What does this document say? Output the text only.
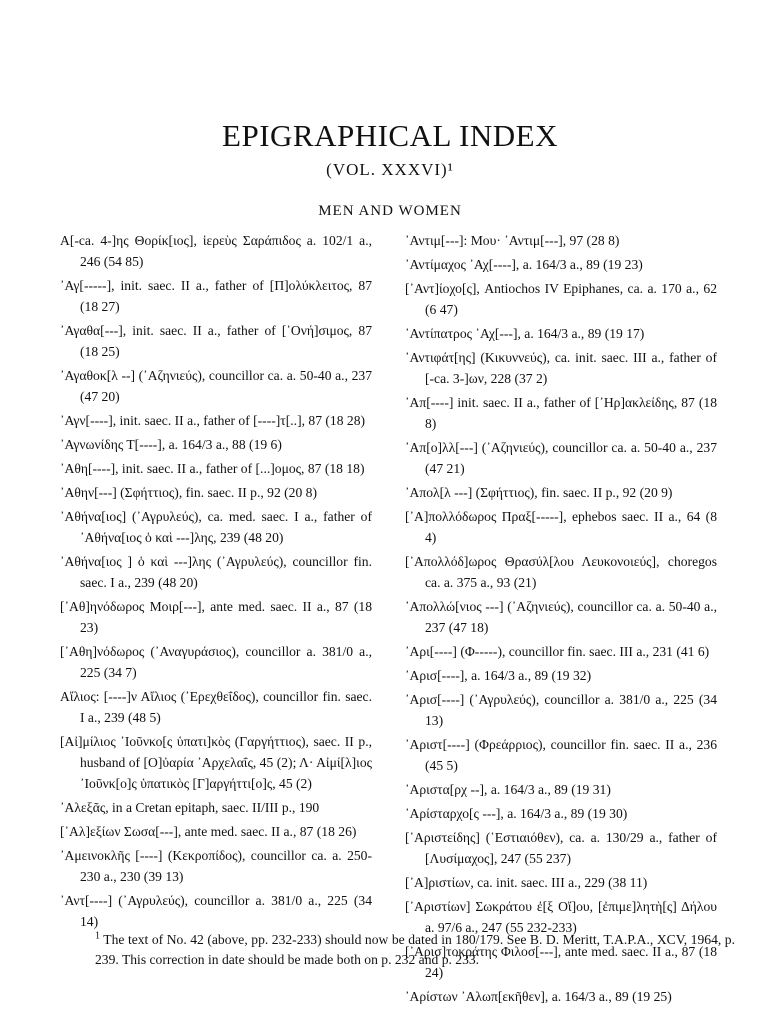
EPIGRAPHICAL INDEX
(VOL. XXXVI)¹
MEN AND WOMEN
Α[-ca. 4-]ης Θορίκ[ιος], ἱερεὺς Σαράπιδος a. 102/1 a., 246 (54 85)
᾿Αγ[-----], init. saec. II a., father of [Π]ολύκλειτος, 87 (18 27)
᾿Αγαθα[---], init. saec. II a., father of [᾿Ονή]σιμος, 87 (18 25)
᾿Αγαθοκ[λ --] (᾿Αζηνιεύς), councillor ca. a. 50-40 a., 237 (47 20)
᾿Αγν[----], init. saec. II a., father of [----]τ[..], 87 (18 28)
᾿Αγνωνίδης Τ[----], a. 164/3 a., 88 (19 6)
᾿Αθη[----], init. saec. II a., father of [...]ομος, 87 (18 18)
᾿Αθην[---] (Σφήττιος), fin. saec. II p., 92 (20 8)
᾿Αθήνα[ιος] (᾿Αγρυλεύς), ca. med. saec. I a., father of ᾿Αθήνα[ιος ὁ καὶ ---]λης, 239 (48 20)
᾿Αθήνα[ιος ] ὁ καὶ ---]λης (᾿Αγρυλεύς), councillor fin. saec. I a., 239 (48 20)
[᾿Αθ]ηνόδωρος Μοιρ[---], ante med. saec. II a., 87 (18 23)
[᾿Αθη]νόδωρος (᾿Αναγυράσιος), councillor a. 381/0 a., 225 (34 7)
Αἴλιος: [----]ν Αἴλιος (᾿Ερεχθεΐδος), councillor fin. saec. I a., 239 (48 5)
[Αἰ]μίλιος ᾿Ιοῦνκο[ς ὑπατι]κὸς (Γαργήττιος), saec. II p., husband of [Ο]ὐαρία ᾿Αρχελαΐς, 45 (2); Λ· Αἰμί[λ]ιος ᾿Ιοῦνκ[ο]ς ὑπατικὸς [Γ]αργήττι[ο]ς, 45 (2)
᾿Αλεξᾶς, in a Cretan epitaph, saec. II/III p., 190
[᾿Αλ]εξίων Σωσα[---], ante med. saec. II a., 87 (18 26)
᾿Αμεινοκλῆς [----] (Κεκροπίδος), councillor ca. a. 250-230 a., 230 (39 13)
᾿Αντ[----] (᾿Αγρυλεύς), councillor a. 381/0 a., 225 (34 14)
᾿Αντιμ[---]: Μου· ᾿Αντιμ[---], 97 (28 8)
᾿Αντίμαχος ᾿Αχ[----], a. 164/3 a., 89 (19 23)
[᾿Αντ]ίοχο[ς], Antiochos IV Epiphanes, ca. a. 170 a., 62 (6 47)
᾿Αντίπατρος ᾿Αχ[---], a. 164/3 a., 89 (19 17)
᾿Αντιφάτ[ης] (Κικυννεύς), ca. init. saec. III a., father of [-ca. 3-]ων, 228 (37 2)
᾿Απ[----] init. saec. II a., father of [᾿Ηρ]ακλείδης, 87 (18 8)
᾿Απ[ο]λλ[---] (᾿Αζηνιεύς), councillor ca. a. 50-40 a., 237 (47 21)
᾿Απολ[λ ---] (Σφήττιος), fin. saec. II p., 92 (20 9)
[᾿Α]πολλόδωρος Πραξ[-----], ephebos saec. II a., 64 (8 4)
[᾿Απολλόδ]ωρος Θρασύλ[λου Λευκονοιεύς], choregos ca. a. 375 a., 93 (21)
᾿Απολλώ[νιος ---] (᾿Αζηνιεύς), councillor ca. a. 50-40 a., 237 (47 18)
᾿Αρι[----] (Φ-----), councillor fin. saec. III a., 231 (41 6)
᾿Αρισ[----], a. 164/3 a., 89 (19 32)
᾿Αρισ[----] (᾿Αγρυλεύς), councillor a. 381/0 a., 225 (34 13)
᾿Αριστ[----] (Φρεάρριος), councillor fin. saec. II a., 236 (45 5)
᾿Αριστα[ρχ --], a. 164/3 a., 89 (19 31)
᾿Αρίσταρχο[ς ---], a. 164/3 a., 89 (19 30)
[᾿Αριστείδης] (῾Εστιαιόθεν), ca. a. 130/29 a., father of [Λυσίμαχος], 247 (55 237)
[᾿Α]ριστίων, ca. init. saec. III a., 229 (38 11)
[᾿Αριστίων] Σωκράτου ἐ[ξ Οἴ]ου, [ἐπιμε]λητὴ[ς] Δήλου a. 97/6 a., 247 (55 232-233)
[᾿Αρισ]τοκράτης Φιλοσ[---], ante med. saec. II a., 87 (18 24)
᾿Αρίστων ᾿Αλωπ[εκῆθεν], a. 164/3 a., 89 (19 25)
$^1$ The text of No. 42 (above, pp. 232-233) should now be dated in 180/179. See B. D. Meritt, T.A.P.A., XCV, 1964, p. 239. This correction in date should be made both on p. 232 and p. 233.
